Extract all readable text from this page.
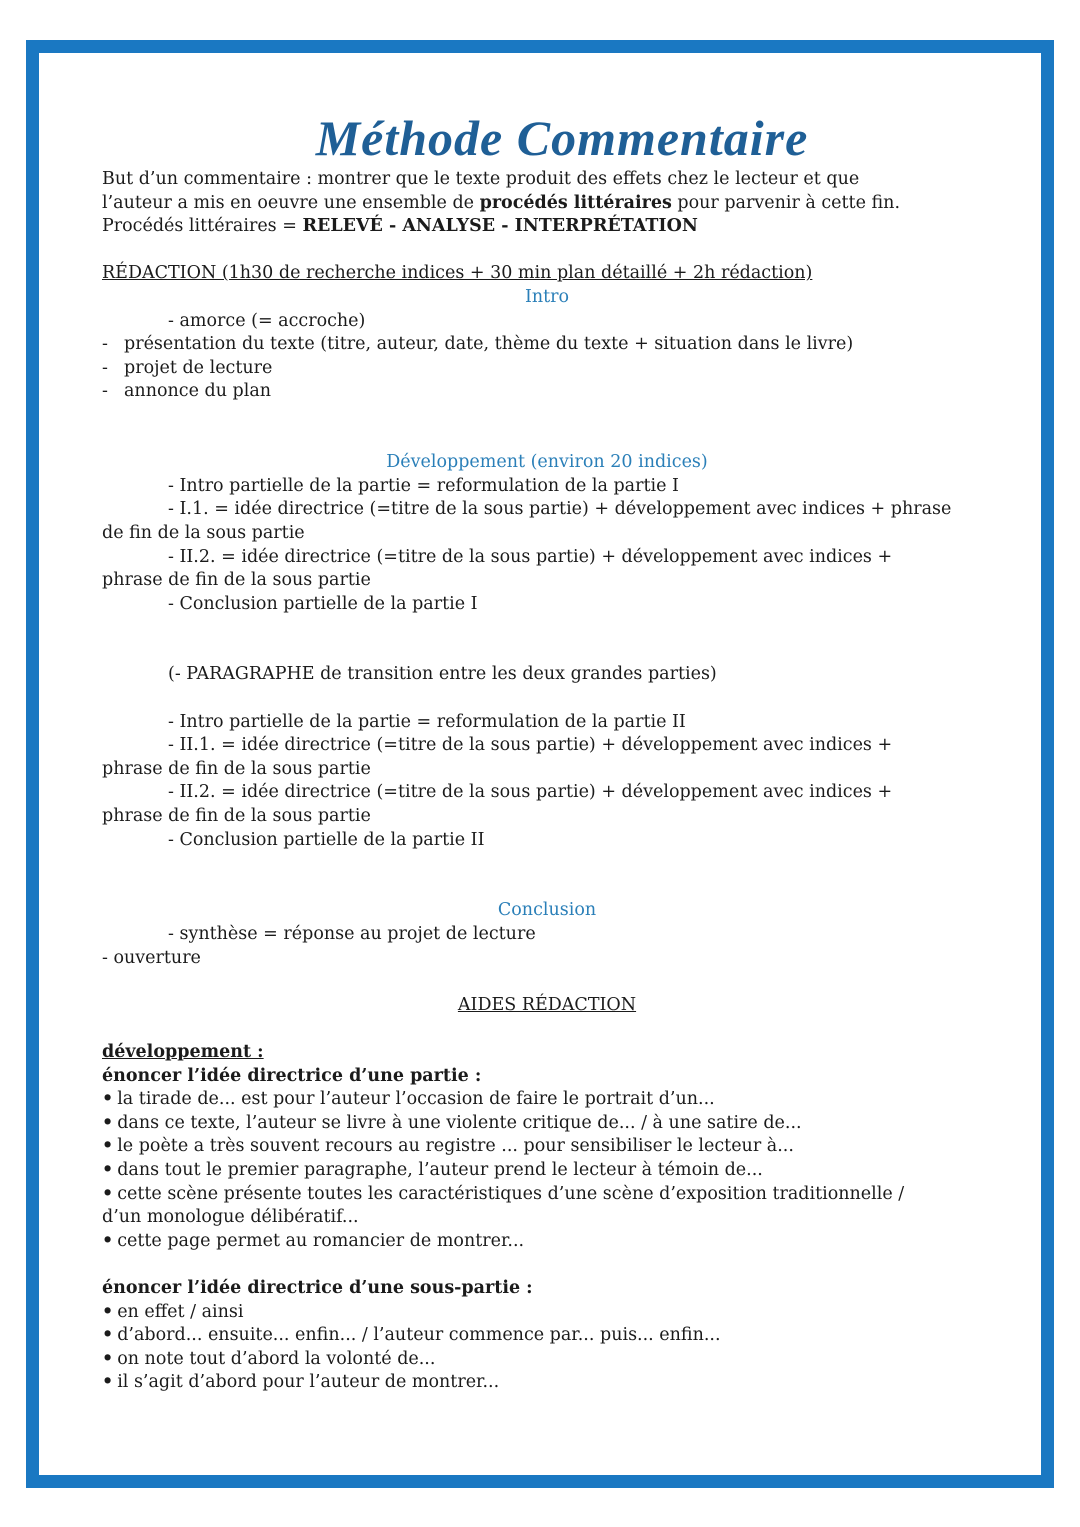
Méthode Commentaire
But d’un commentaire : montrer que le texte produit des effets chez le lecteur et que
l’auteur a mis en oeuvre une ensemble de procédés littéraires pour parvenir à cette fin.
Procédés littéraires = RELEVÉ - ANALYSE - INTERPRÉTATION
RÉDACTION (1h30 de recherche indices + 30 min plan détaillé + 2h rédaction)
Intro
- amorce (= accroche)
- présentation du texte (titre, auteur, date, thème du texte + situation dans le livre)
- projet de lecture
- annonce du plan
Développement (environ 20 indices)
- Intro partielle de la partie = reformulation de la partie I
- I.1. = idée directrice (=titre de la sous partie) + développement avec indices + phrase
de fin de la sous partie
- II.2. = idée directrice (=titre de la sous partie) + développement avec indices +
phrase de fin de la sous partie
- Conclusion partielle de la partie I
(- PARAGRAPHE de transition entre les deux grandes parties)
- Intro partielle de la partie = reformulation de la partie II
- II.1. = idée directrice (=titre de la sous partie) + développement avec indices +
phrase de fin de la sous partie
- II.2. = idée directrice (=titre de la sous partie) + développement avec indices +
phrase de fin de la sous partie
- Conclusion partielle de la partie II
Conclusion
- synthèse = réponse au projet de lecture
- ouverture
AIDES RÉDACTION
développement :
énoncer l’idée directrice d’une partie :
• la tirade de... est pour l’auteur l’occasion de faire le portrait d’un...
• dans ce texte, l’auteur se livre à une violente critique de... / à une satire de...
• le poète a très souvent recours au registre ... pour sensibiliser le lecteur à...
• dans tout le premier paragraphe, l’auteur prend le lecteur à témoin de...
• cette scène présente toutes les caractéristiques d’une scène d’exposition traditionnelle /
d’un monologue délibératif...
• cette page permet au romancier de montrer...
énoncer l’idée directrice d’une sous-partie :
• en effet / ainsi
• d’abord... ensuite... enfin... / l’auteur commence par... puis... enfin...
• on note tout d’abord la volonté de...
• il s’agit d’abord pour l’auteur de montrer...
